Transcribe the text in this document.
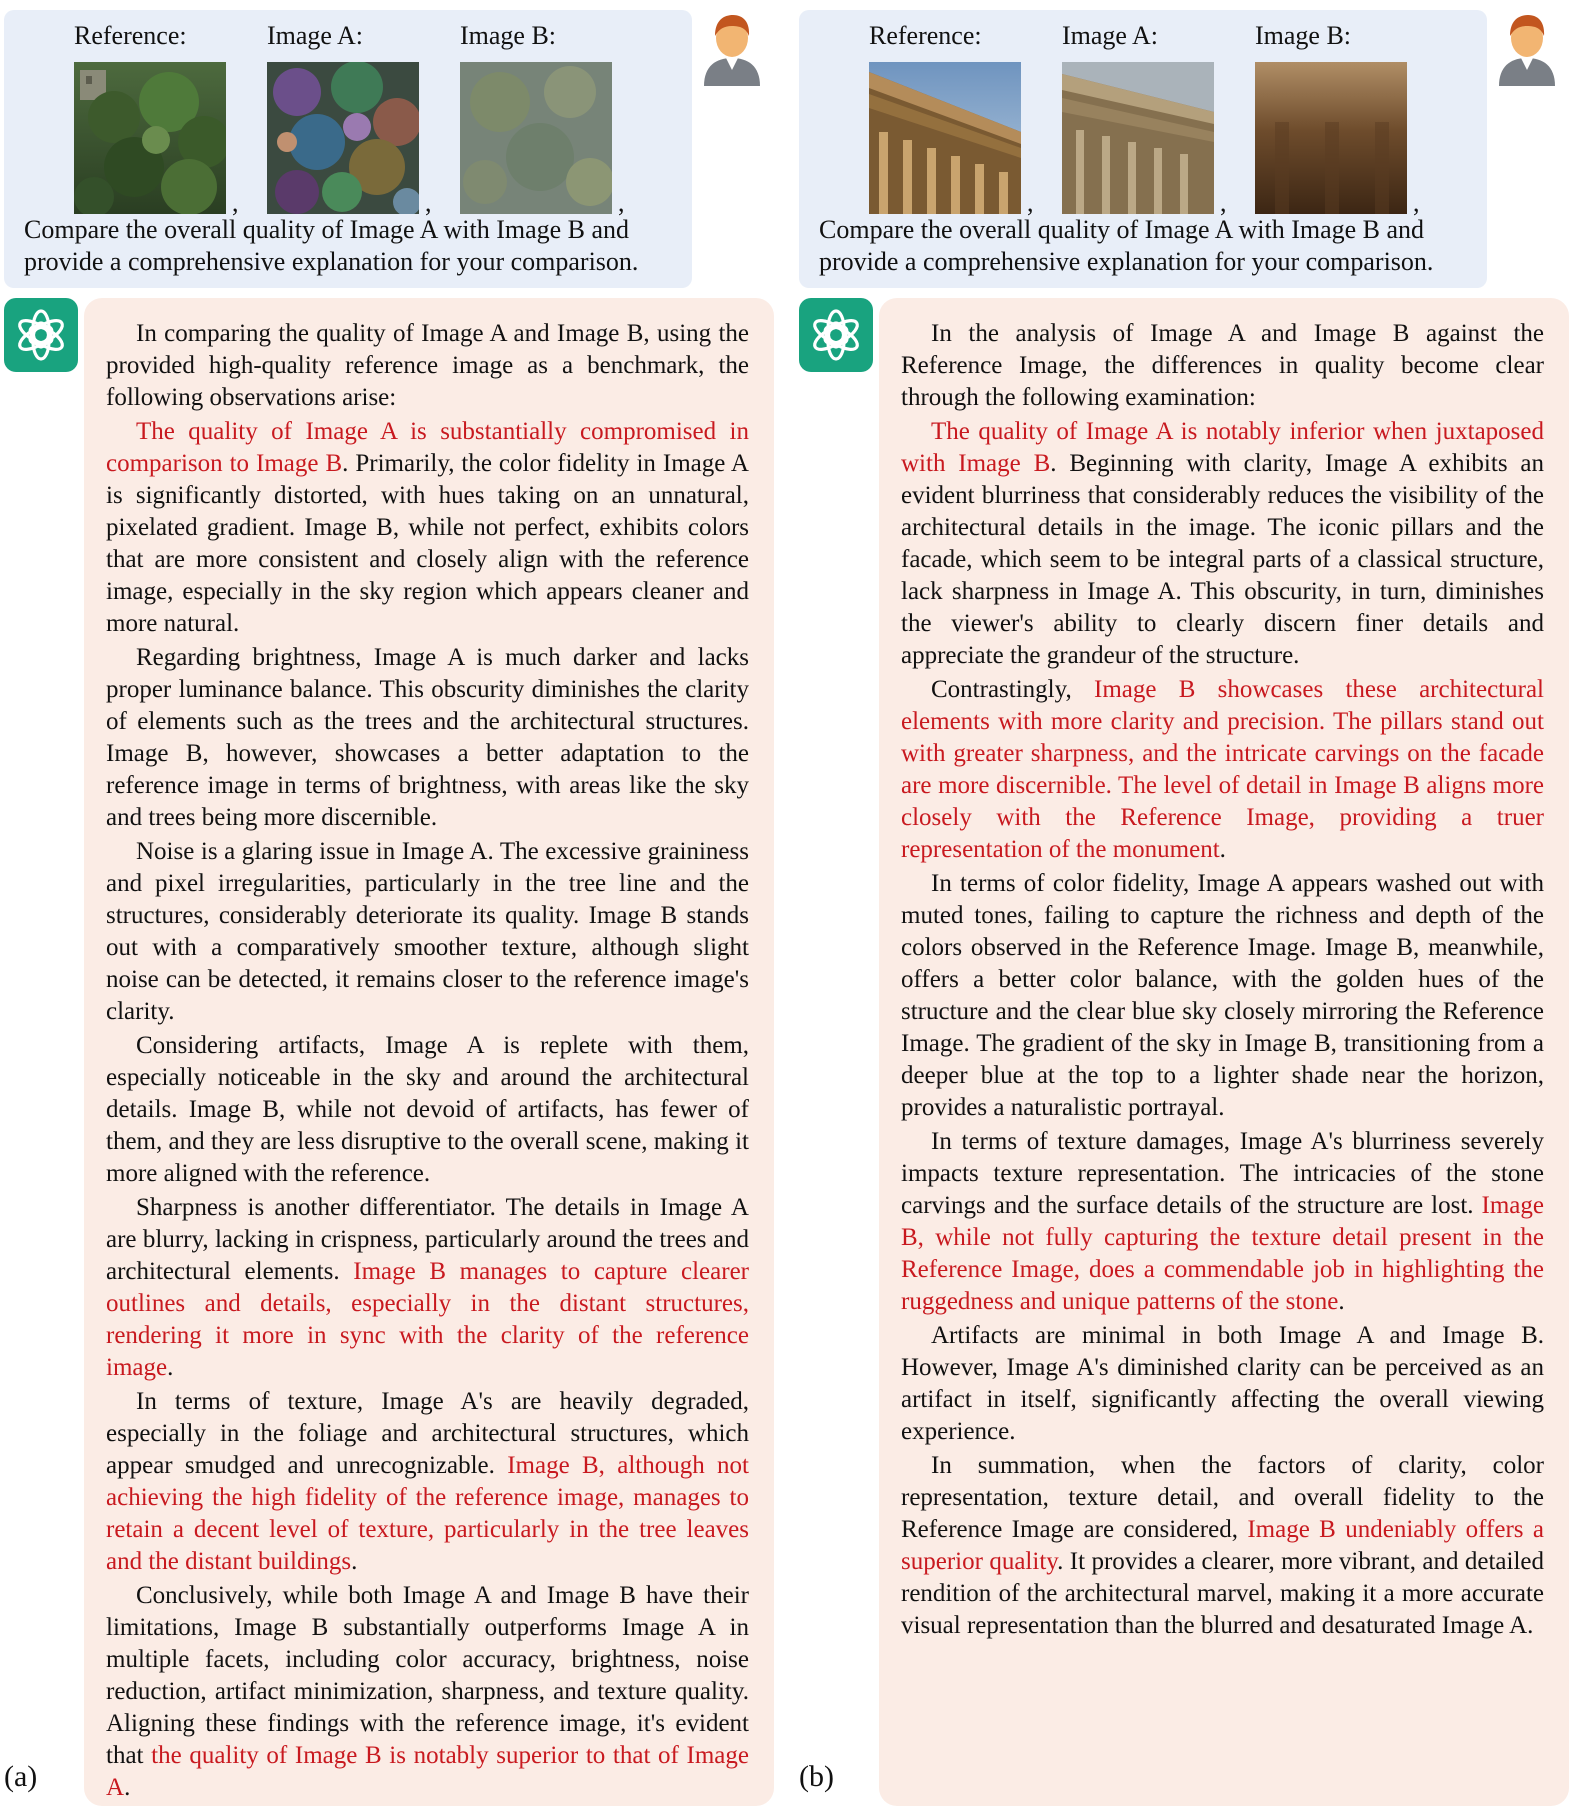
Reference:
,
Image A:
,
Image B:
,
Compare the overall quality of Image A with Image B and provide a comprehensive explanation for your comparison.

In comparing the quality of Image A and Image B, using the provided high-quality reference image as a benchmark, the following observations arise:

The quality of Image A is substantially compromised in comparison to Image B. Primarily, the color fidelity in Image A is significantly distorted, with hues taking on an unnatural, pixelated gradient. Image B, while not perfect, exhibits colors that are more consistent and closely align with the reference image, especially in the sky region which appears cleaner and more natural.

Regarding brightness, Image A is much darker and lacks proper luminance balance. This obscurity diminishes the clarity of elements such as the trees and the architectural structures. Image B, however, showcases a better adaptation to the reference image in terms of brightness, with areas like the sky and trees being more discernible.

Noise is a glaring issue in Image A. The excessive graininess and pixel irregularities, particularly in the tree line and the structures, considerably deteriorate its quality. Image B stands out with a comparatively smoother texture, although slight noise can be detected, it remains closer to the reference image's clarity.

Considering artifacts, Image A is replete with them, especially noticeable in the sky and around the architectural details. Image B, while not devoid of artifacts, has fewer of them, and they are less disruptive to the overall scene, making it more aligned with the reference.

Sharpness is another differentiator. The details in Image A are blurry, lacking in crispness, particularly around the trees and architectural elements. Image B manages to capture clearer outlines and details, especially in the distant structures, rendering it more in sync with the clarity of the reference image.

In terms of texture, Image A's are heavily degraded, especially in the foliage and architectural structures, which appear smudged and unrecognizable. Image B, although not achieving the high fidelity of the reference image, manages to retain a decent level of texture, particularly in the tree leaves and the distant buildings.

Conclusively, while both Image A and Image B have their limitations, Image B substantially outperforms Image A in multiple facets, including color accuracy, brightness, noise reduction, artifact minimization, sharpness, and texture quality. Aligning these findings with the reference image, it's evident that the quality of Image B is notably superior to that of Image A.

(a)
Reference:
,
Image A:
,
Image B:
,
Compare the overall quality of Image A with Image B and provide a comprehensive explanation for your comparison.

In the analysis of Image A and Image B against the Reference Image, the differences in quality become clear through the following examination:

The quality of Image A is notably inferior when juxtaposed with Image B. Beginning with clarity, Image A exhibits an evident blurriness that considerably reduces the visibility of the architectural details in the image. The iconic pillars and the facade, which seem to be integral parts of a classical structure, lack sharpness in Image A. This obscurity, in turn, diminishes the viewer's ability to clearly discern finer details and appreciate the grandeur of the structure.

Contrastingly, Image B showcases these architectural elements with more clarity and precision. The pillars stand out with greater sharpness, and the intricate carvings on the facade are more discernible. The level of detail in Image B aligns more closely with the Reference Image, providing a truer representation of the monument.

In terms of color fidelity, Image A appears washed out with muted tones, failing to capture the richness and depth of the colors observed in the Reference Image. Image B, meanwhile, offers a better color balance, with the golden hues of the structure and the clear blue sky closely mirroring the Reference Image. The gradient of the sky in Image B, transitioning from a deeper blue at the top to a lighter shade near the horizon, provides a naturalistic portrayal.

In terms of texture damages, Image A's blurriness severely impacts texture representation. The intricacies of the stone carvings and the surface details of the structure are lost. Image B, while not fully capturing the texture detail present in the Reference Image, does a commendable job in highlighting the ruggedness and unique patterns of the stone.

Artifacts are minimal in both Image A and Image B. However, Image A's diminished clarity can be perceived as an artifact in itself, significantly affecting the overall viewing experience.

In summation, when the factors of clarity, color representation, texture detail, and overall fidelity to the Reference Image are considered, Image B undeniably offers a superior quality. It provides a clearer, more vibrant, and detailed rendition of the architectural marvel, making it a more accurate visual representation than the blurred and desaturated Image A.

(b)
